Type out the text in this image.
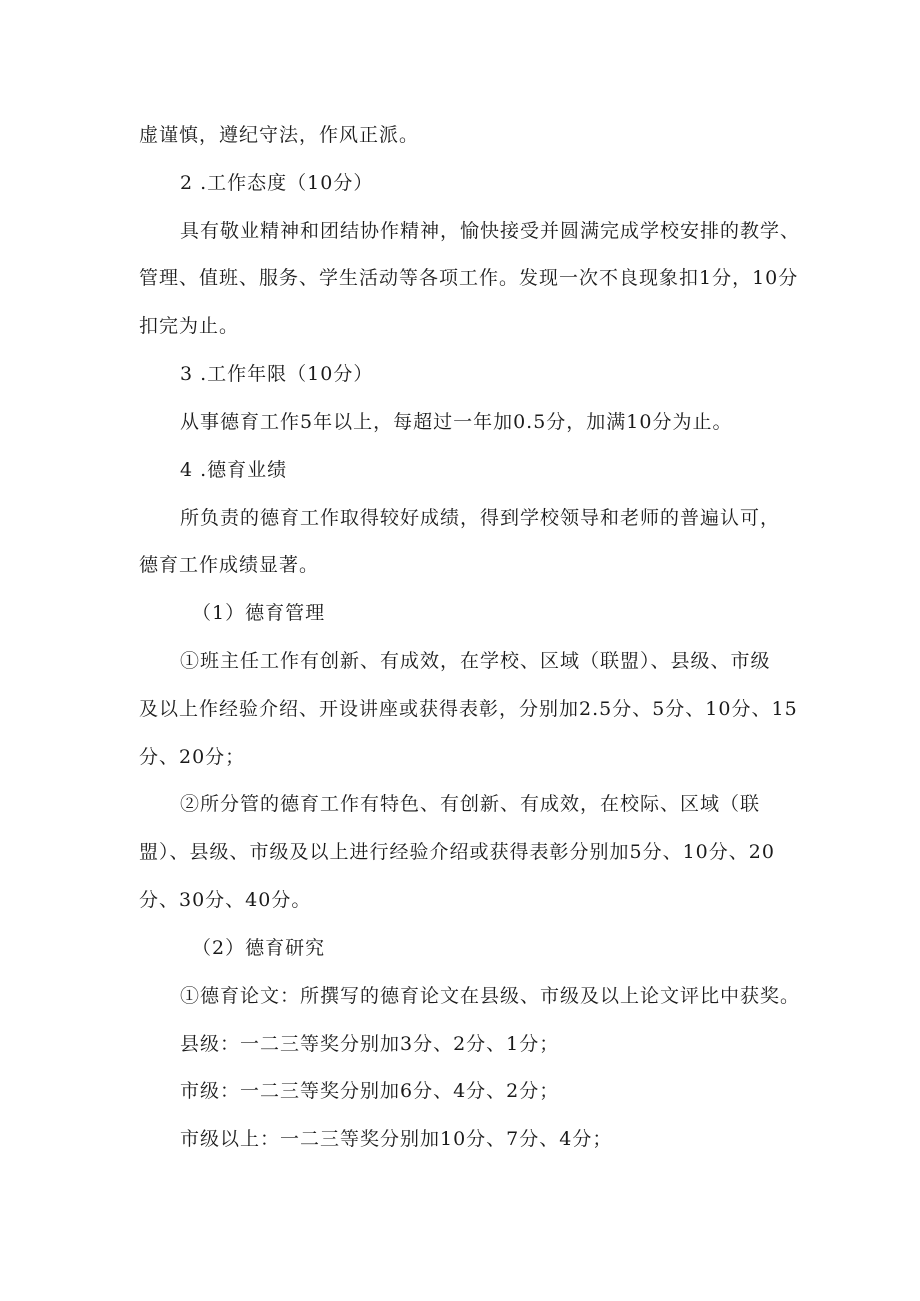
虚谨慎，遵纪守法，作风正派。
2 .工作态度（10分）
具有敬业精神和团结协作精神，愉快接受并圆满完成学校安排的教学、
管理、值班、服务、学生活动等各项工作。发现一次不良现象扣1分，10分
扣完为止。
3 .工作年限（10分）
从事德育工作5年以上，每超过一年加0.5分，加满10分为止。
4 .德育业绩
所负责的德育工作取得较好成绩，得到学校领导和老师的普遍认可，
德育工作成绩显著。
（1）德育管理
①班主任工作有创新、有成效，在学校、区域（联盟）、县级、市级
及以上作经验介绍、开设讲座或获得表彰，分别加2.5分、5分、10分、15
分、20分；
②所分管的德育工作有特色、有创新、有成效，在校际、区域（联
盟）、县级、市级及以上进行经验介绍或获得表彰分别加5分、10分、20
分、30分、40分。
（2）德育研究
①德育论文：所撰写的德育论文在县级、市级及以上论文评比中获奖。
县级：一二三等奖分别加3分、2分、1分；
市级：一二三等奖分别加6分、4分、2分；
市级以上：一二三等奖分别加10分、7分、4分；
